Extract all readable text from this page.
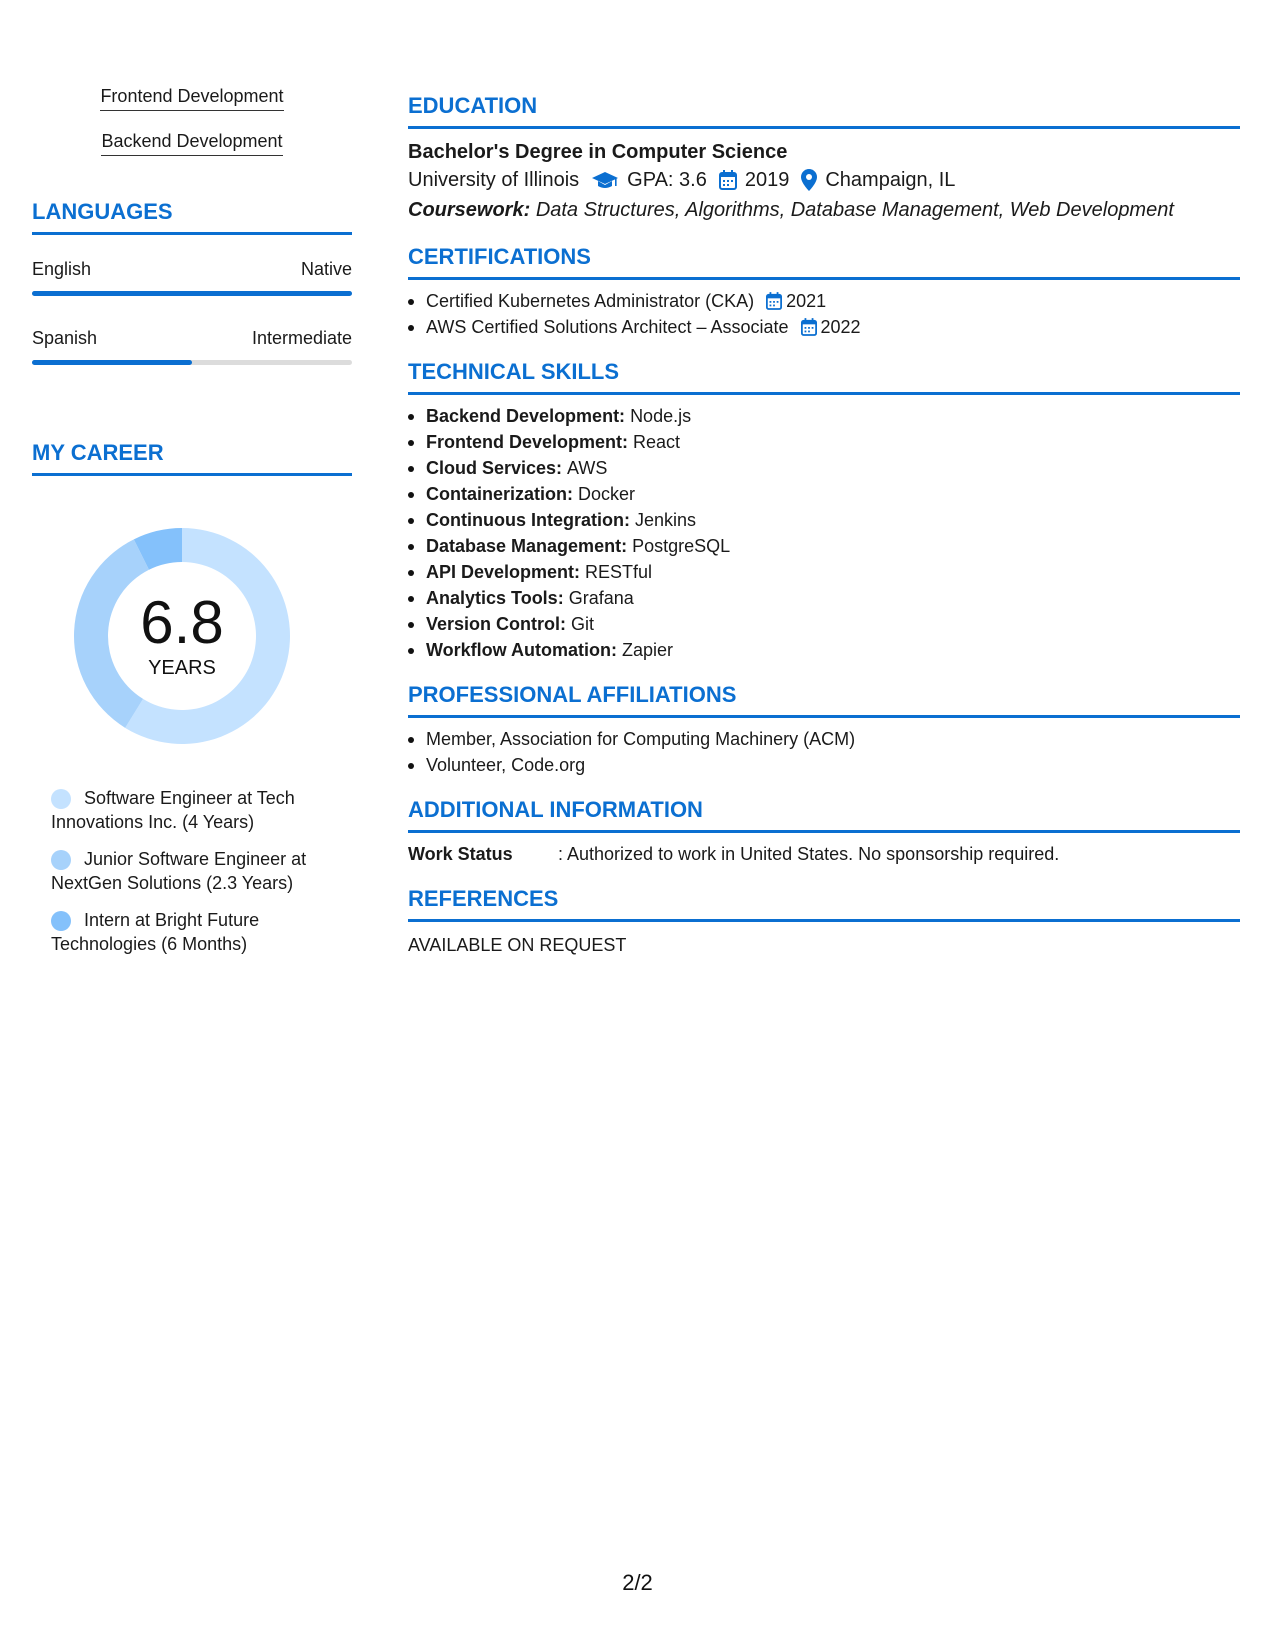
Frontend Development
Backend Development
LANGUAGES
English	Native
Spanish	Intermediate
MY CAREER
6.8
YEARS
Software Engineer at Tech Innovations Inc. (4 Years)
Junior Software Engineer at NextGen Solutions (2.3 Years)
Intern at Bright Future Technologies (6 Months)
EDUCATION
Bachelor's Degree in Computer Science
University of Illinois GPA: 3.6 2019 Champaign, IL
Coursework: Data Structures, Algorithms, Database Management, Web Development
CERTIFICATIONS
Certified Kubernetes Administrator (CKA) 2021
AWS Certified Solutions Architect – Associate 2022
TECHNICAL SKILLS
Backend Development: Node.js
Frontend Development: React
Cloud Services: AWS
Containerization: Docker
Continuous Integration: Jenkins
Database Management: PostgreSQL
API Development: RESTful
Analytics Tools: Grafana
Version Control: Git
Workflow Automation: Zapier
PROFESSIONAL AFFILIATIONS
Member, Association for Computing Machinery (ACM)
Volunteer, Code.org
ADDITIONAL INFORMATION
Work Status	: Authorized to work in United States. No sponsorship required.
REFERENCES
AVAILABLE ON REQUEST
2/2
